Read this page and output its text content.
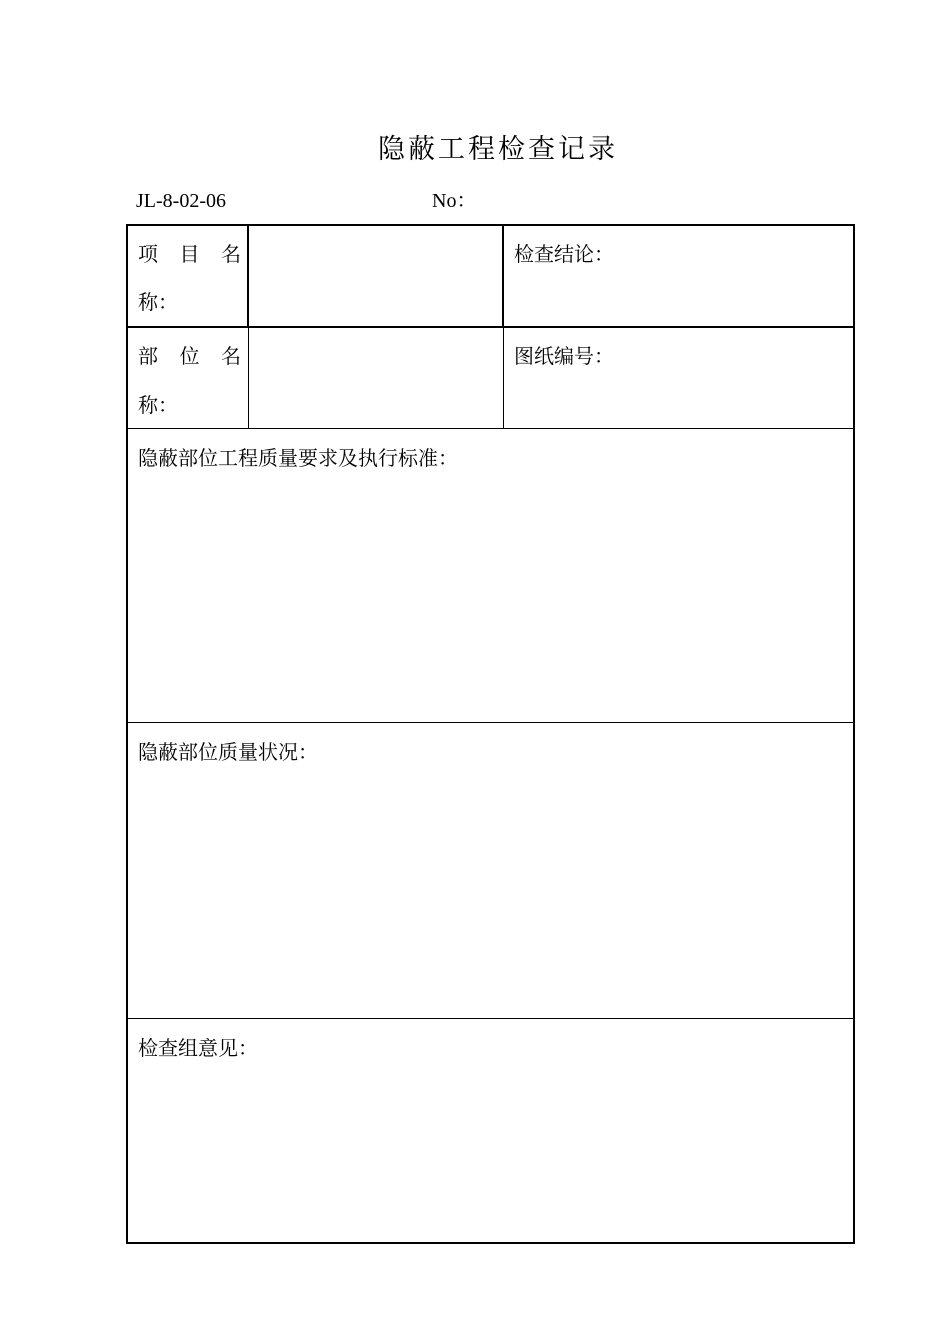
隐蔽工程检查记录
JL-8-02-06	No：
项 目 名
称：
检查结论：
部 位 名
称：
图纸编号：
隐蔽部位工程质量要求及执行标准：
隐蔽部位质量状况：
检查组意见：
